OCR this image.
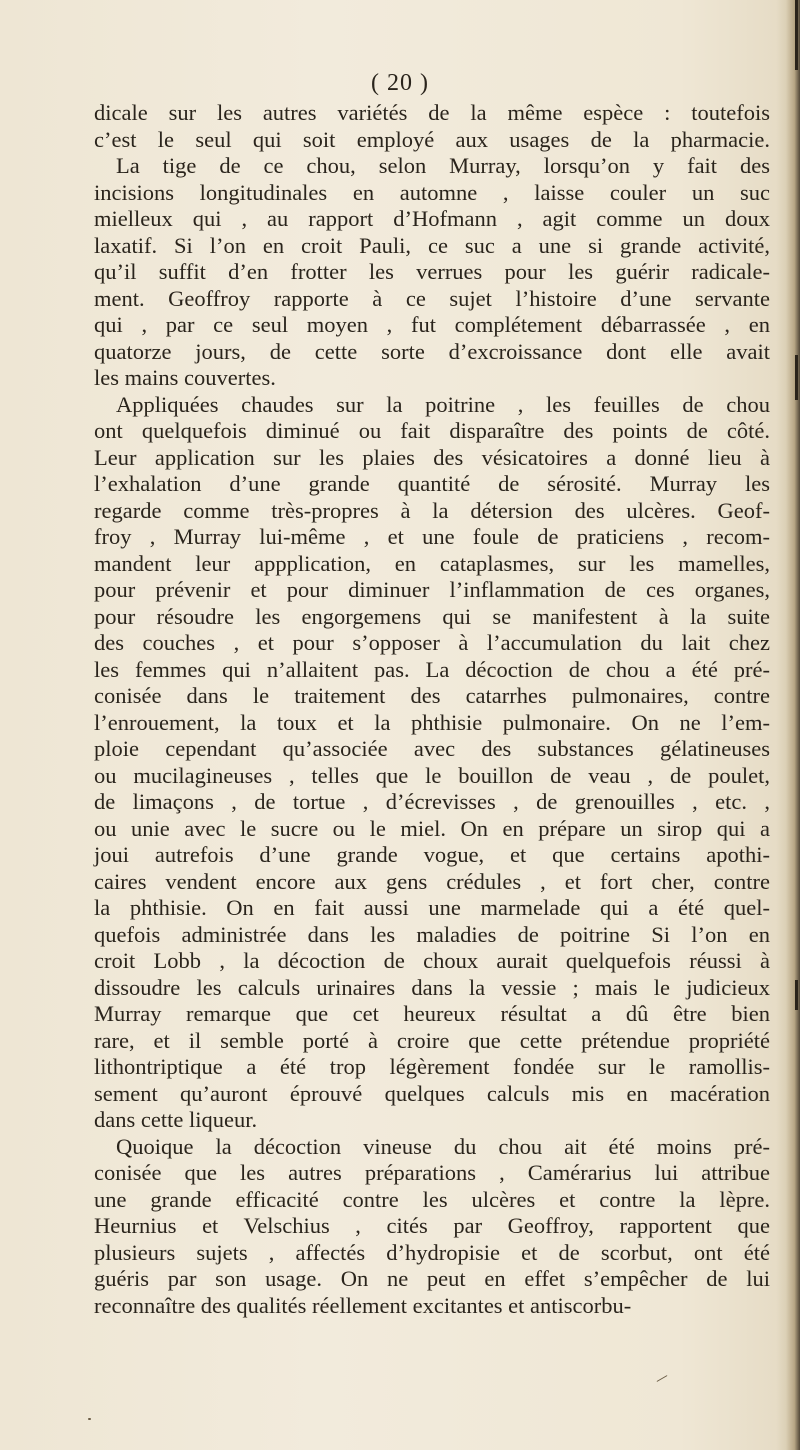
( 20 )
dicale sur les autres variétés de la même espèce : toutefois
c’est le seul qui soit employé aux usages de la pharmacie.
La tige de ce chou, selon Murray, lorsqu’on y fait des
incisions longitudinales en automne , laisse couler un suc
mielleux qui , au rapport d’Hofmann , agit comme un doux
laxatif. Si l’on en croit Pauli, ce suc a une si grande activité,
qu’il suffit d’en frotter les verrues pour les guérir radicale-
ment. Geoffroy rapporte à ce sujet l’histoire d’une servante
qui , par ce seul moyen , fut complétement débarrassée , en
quatorze jours, de cette sorte d’excroissance dont elle avait
les mains couvertes.
Appliquées chaudes sur la poitrine , les feuilles de chou
ont quelquefois diminué ou fait disparaître des points de côté.
Leur application sur les plaies des vésicatoires a donné lieu à
l’exhalation d’une grande quantité de sérosité. Murray les
regarde comme très-propres à la détersion des ulcères. Geof-
froy , Murray lui-même , et une foule de praticiens , recom-
mandent leur appplication, en cataplasmes, sur les mamelles,
pour prévenir et pour diminuer l’inflammation de ces organes,
pour résoudre les engorgemens qui se manifestent à la suite
des couches , et pour s’opposer à l’accumulation du lait chez
les femmes qui n’allaitent pas. La décoction de chou a été pré-
conisée dans le traitement des catarrhes pulmonaires, contre
l’enrouement, la toux et la phthisie pulmonaire. On ne l’em-
ploie cependant qu’associée avec des substances gélatineuses
ou mucilagineuses , telles que le bouillon de veau , de poulet,
de limaçons , de tortue , d’écrevisses , de grenouilles , etc. ,
ou unie avec le sucre ou le miel. On en prépare un sirop qui a
joui autrefois d’une grande vogue, et que certains apothi-
caires vendent encore aux gens crédules , et fort cher, contre
la phthisie. On en fait aussi une marmelade qui a été quel-
quefois administrée dans les maladies de poitrine Si l’on en
croit Lobb , la décoction de choux aurait quelquefois réussi à
dissoudre les calculs urinaires dans la vessie ; mais le judicieux
Murray remarque que cet heureux résultat a dû être bien
rare, et il semble porté à croire que cette prétendue propriété
lithontriptique a été trop légèrement fondée sur le ramollis-
sement qu’auront éprouvé quelques calculs mis en macération
dans cette liqueur.
Quoique la décoction vineuse du chou ait été moins pré-
conisée que les autres préparations , Camérarius lui attribue
une grande efficacité contre les ulcères et contre la lèpre.
Heurnius et Velschius , cités par Geoffroy, rapportent que
plusieurs sujets , affectés d’hydropisie et de scorbut, ont été
guéris par son usage. On ne peut en effet s’empêcher de lui
reconnaître des qualités réellement excitantes et antiscorbu-
